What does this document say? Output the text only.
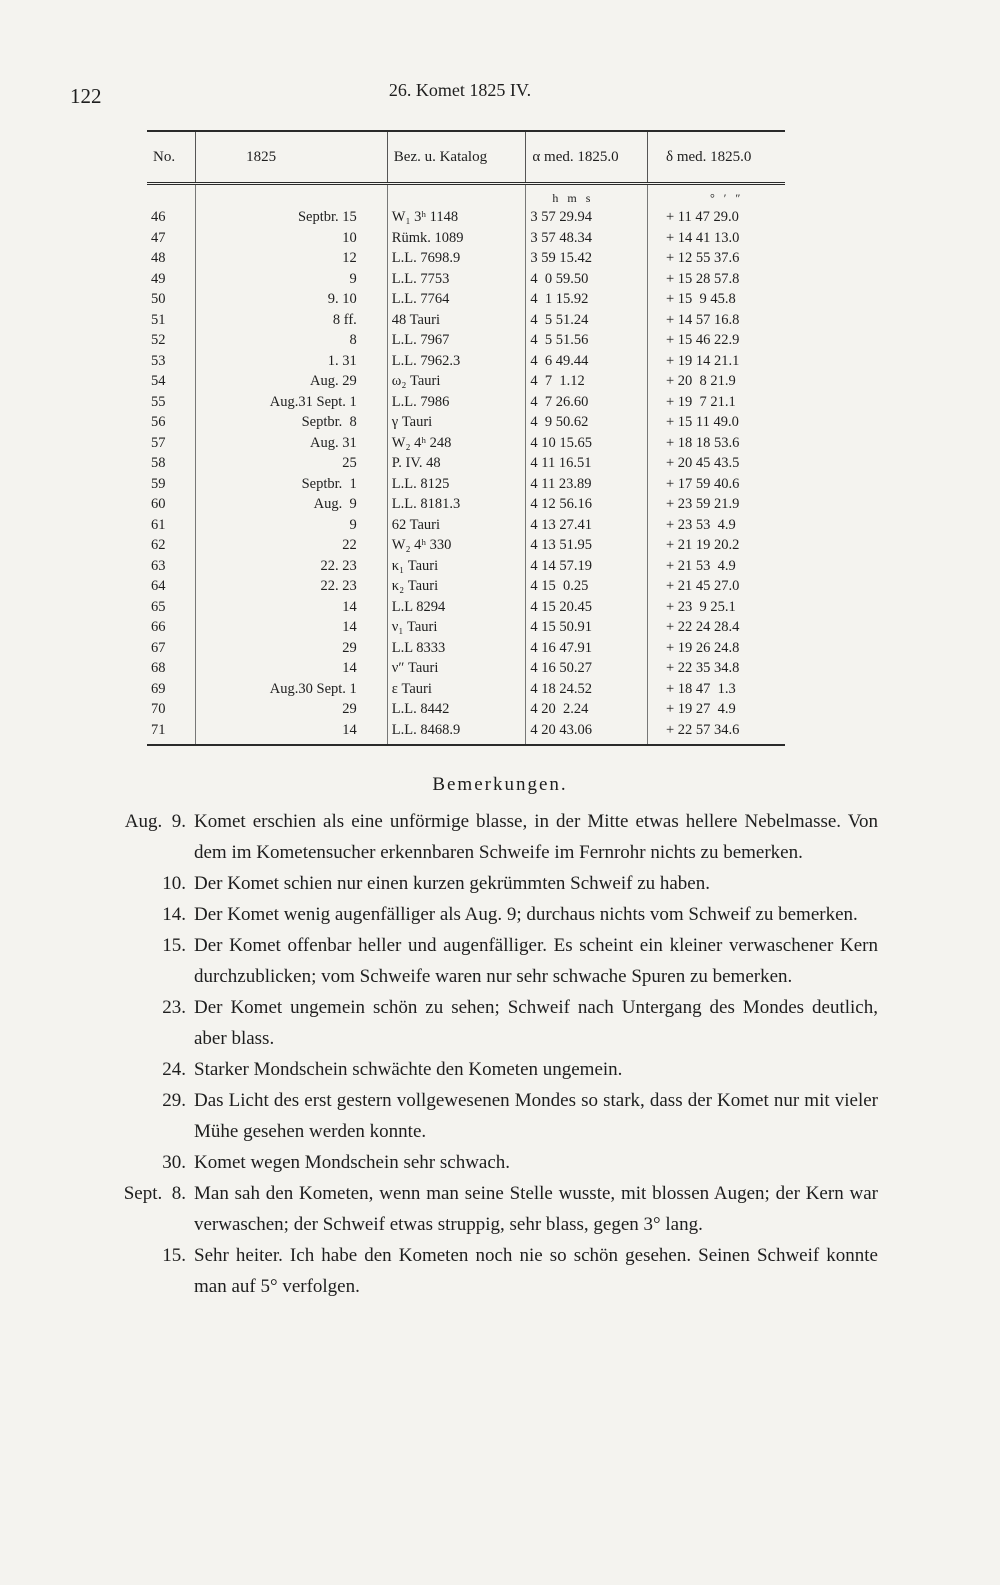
122	26. Komet 1825 IV.
No.	1825	Bez. u. Katalog	α med. 1825.0	δ med. 1825.0
			h   m   s	°   ′   ″
46	Septbr. 15	W₁ 3ʰ 1148	3 57 29.94	+ 11 47 29.0
47	10	Rümk. 1089	3 57 48.34	+ 14 41 13.0
48	12	L.L. 7698.9	3 59 15.42	+ 12 55 37.6
49	9	L.L. 7753	4  0 59.50	+ 15 28 57.8
50	9. 10	L.L. 7764	4  1 15.92	+ 15  9 45.8
51	8 ff.	48 Tauri	4  5 51.24	+ 14 57 16.8
52	8	L.L. 7967	4  5 51.56	+ 15 46 22.9
53	1. 31	L.L. 7962.3	4  6 49.44	+ 19 14 21.1
54	Aug. 29	ω₂ Tauri	4  7  1.12	+ 20  8 21.9
55	Aug.31 Sept. 1	L.L. 7986	4  7 26.60	+ 19  7 21.1
56	Septbr.  8	γ Tauri	4  9 50.62	+ 15 11 49.0
57	Aug. 31	W₂ 4ʰ 248	4 10 15.65	+ 18 18 53.6
58	25	P. IV. 48	4 11 16.51	+ 20 45 43.5
59	Septbr.  1	L.L. 8125	4 11 23.89	+ 17 59 40.6
60	Aug.  9	L.L. 8181.3	4 12 56.16	+ 23 59 21.9
61	9	62 Tauri	4 13 27.41	+ 23 53  4.9
62	22	W₂ 4ʰ 330	4 13 51.95	+ 21 19 20.2
63	22. 23	κ₁ Tauri	4 14 57.19	+ 21 53  4.9
64	22. 23	κ₂ Tauri	4 15  0.25	+ 21 45 27.0
65	14	L.L 8294	4 15 20.45	+ 23  9 25.1
66	14	ν₁ Tauri	4 15 50.91	+ 22 24 28.4
67	29	L.L 8333	4 16 47.91	+ 19 26 24.8
68	14	ν″ Tauri	4 16 50.27	+ 22 35 34.8
69	Aug.30 Sept. 1	ε Tauri	4 18 24.52	+ 18 47  1.3
70	29	L.L. 8442	4 20  2.24	+ 19 27  4.9
71	14	L.L. 8468.9	4 20 43.06	+ 22 57 34.6
Bemerkungen.
Aug.  9. Komet erschien als eine unförmige blasse, in der Mitte etwas hellere Nebelmasse. Von dem im Kometensucher erkennbaren Schweife im Fernrohr nichts zu bemerken.
10. Der Komet schien nur einen kurzen gekrümmten Schweif zu haben.
14. Der Komet wenig augenfälliger als Aug. 9; durchaus nichts vom Schweif zu bemerken.
15. Der Komet offenbar heller und augenfälliger. Es scheint ein kleiner verwaschener Kern durchzublicken; vom Schweife waren nur sehr schwache Spuren zu bemerken.
23. Der Komet ungemein schön zu sehen; Schweif nach Untergang des Mondes deutlich, aber blass.
24. Starker Mondschein schwächte den Kometen ungemein.
29. Das Licht des erst gestern vollgewesenen Mondes so stark, dass der Komet nur mit vieler Mühe gesehen werden konnte.
30. Komet wegen Mondschein sehr schwach.
Sept.  8. Man sah den Kometen, wenn man seine Stelle wusste, mit blossen Augen; der Kern war verwaschen; der Schweif etwas struppig, sehr blass, gegen 3° lang.
15. Sehr heiter. Ich habe den Kometen noch nie so schön gesehen. Seinen Schweif konnte man auf 5° verfolgen.
